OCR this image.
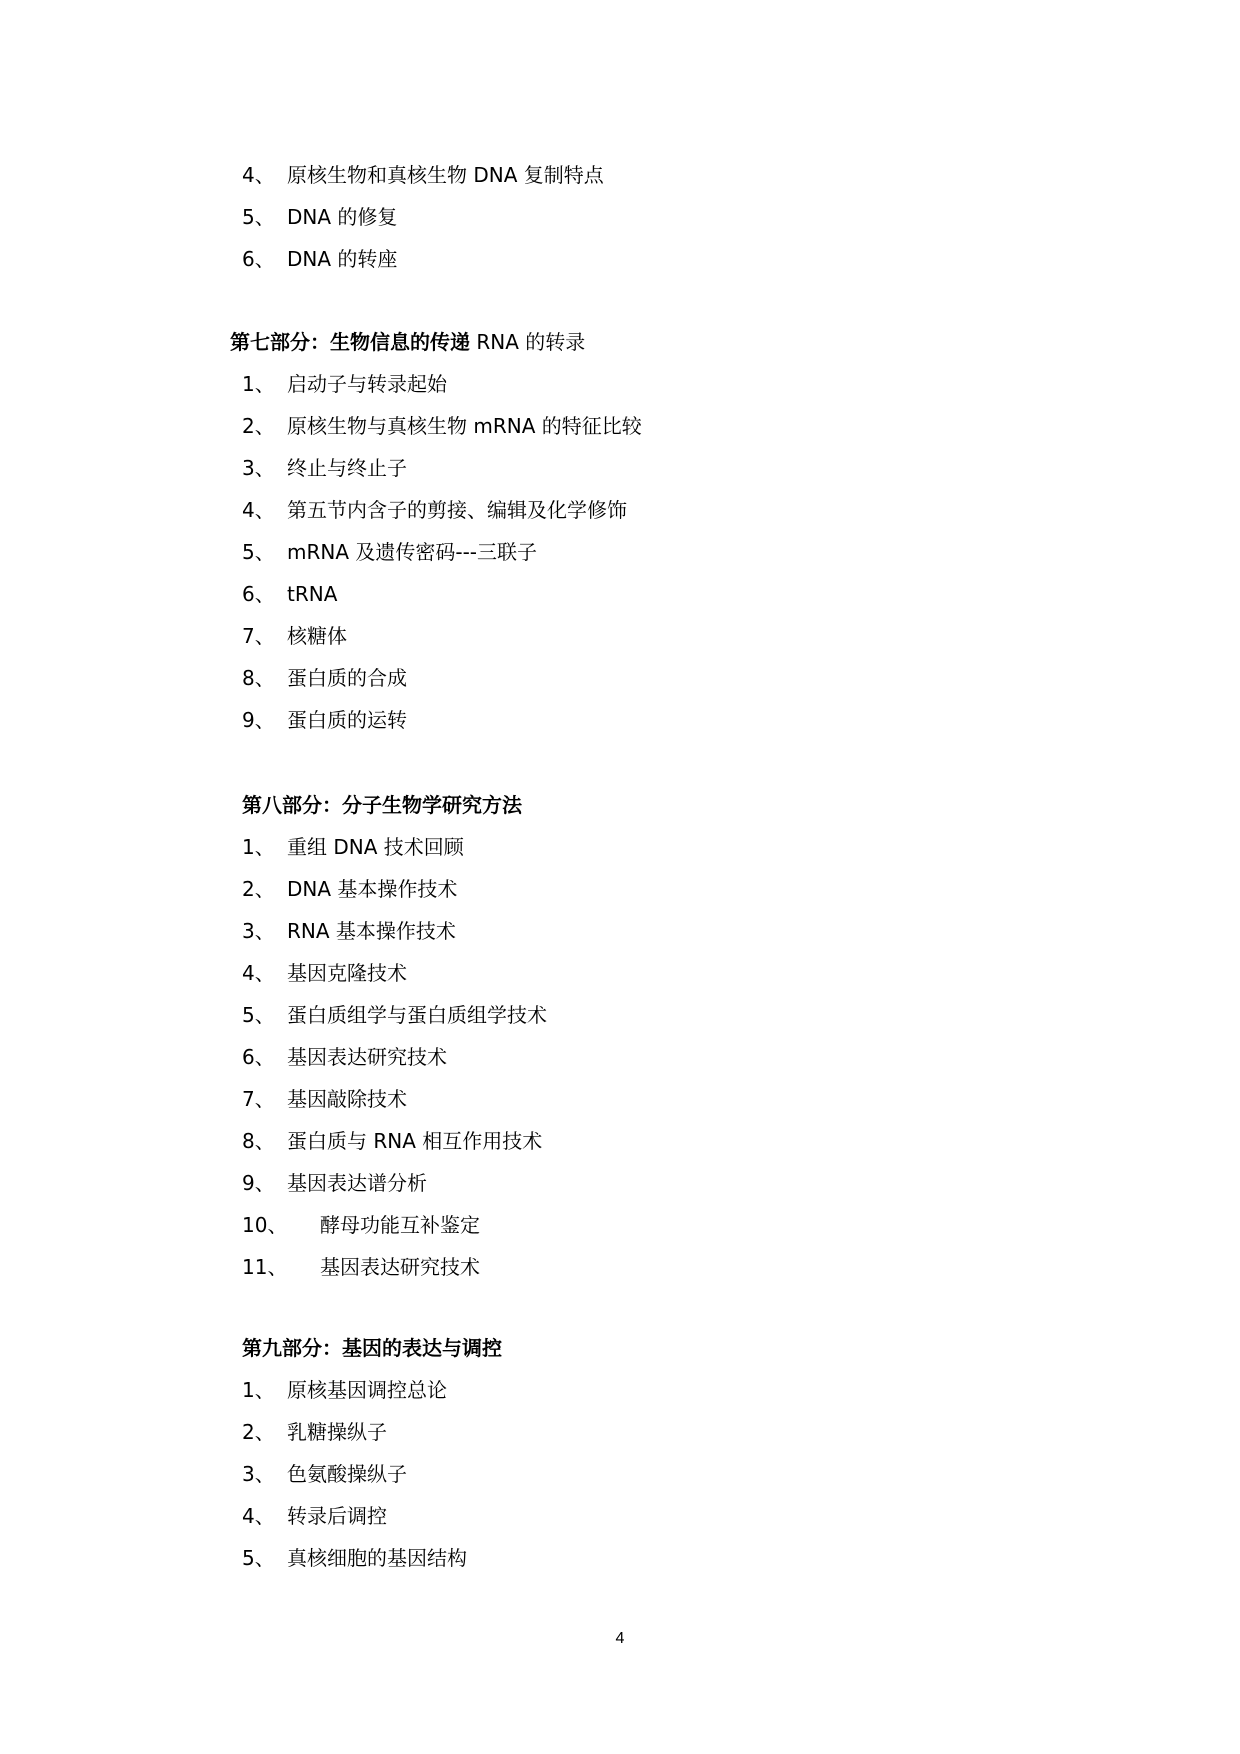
4、 原核生物和真核生物 DNA 复制特点
5、 DNA 的修复
6、 DNA 的转座
第七部分：生物信息的传递 RNA 的转录
1、 启动子与转录起始
2、 原核生物与真核生物 mRNA 的特征比较
3、 终止与终止子
4、 第五节内含子的剪接、编辑及化学修饰
5、 mRNA 及遗传密码---三联子
6、 tRNA
7、 核糖体
8、 蛋白质的合成
9、 蛋白质的运转
第八部分：分子生物学研究方法
1、 重组 DNA 技术回顾
2、 DNA 基本操作技术
3、 RNA 基本操作技术
4、 基因克隆技术
5、 蛋白质组学与蛋白质组学技术
6、 基因表达研究技术
7、 基因敲除技术
8、 蛋白质与 RNA 相互作用技术
9、 基因表达谱分析
10、 酵母功能互补鉴定
11、 基因表达研究技术
第九部分：基因的表达与调控
1、 原核基因调控总论
2、 乳糖操纵子
3、 色氨酸操纵子
4、 转录后调控
5、 真核细胞的基因结构
4
